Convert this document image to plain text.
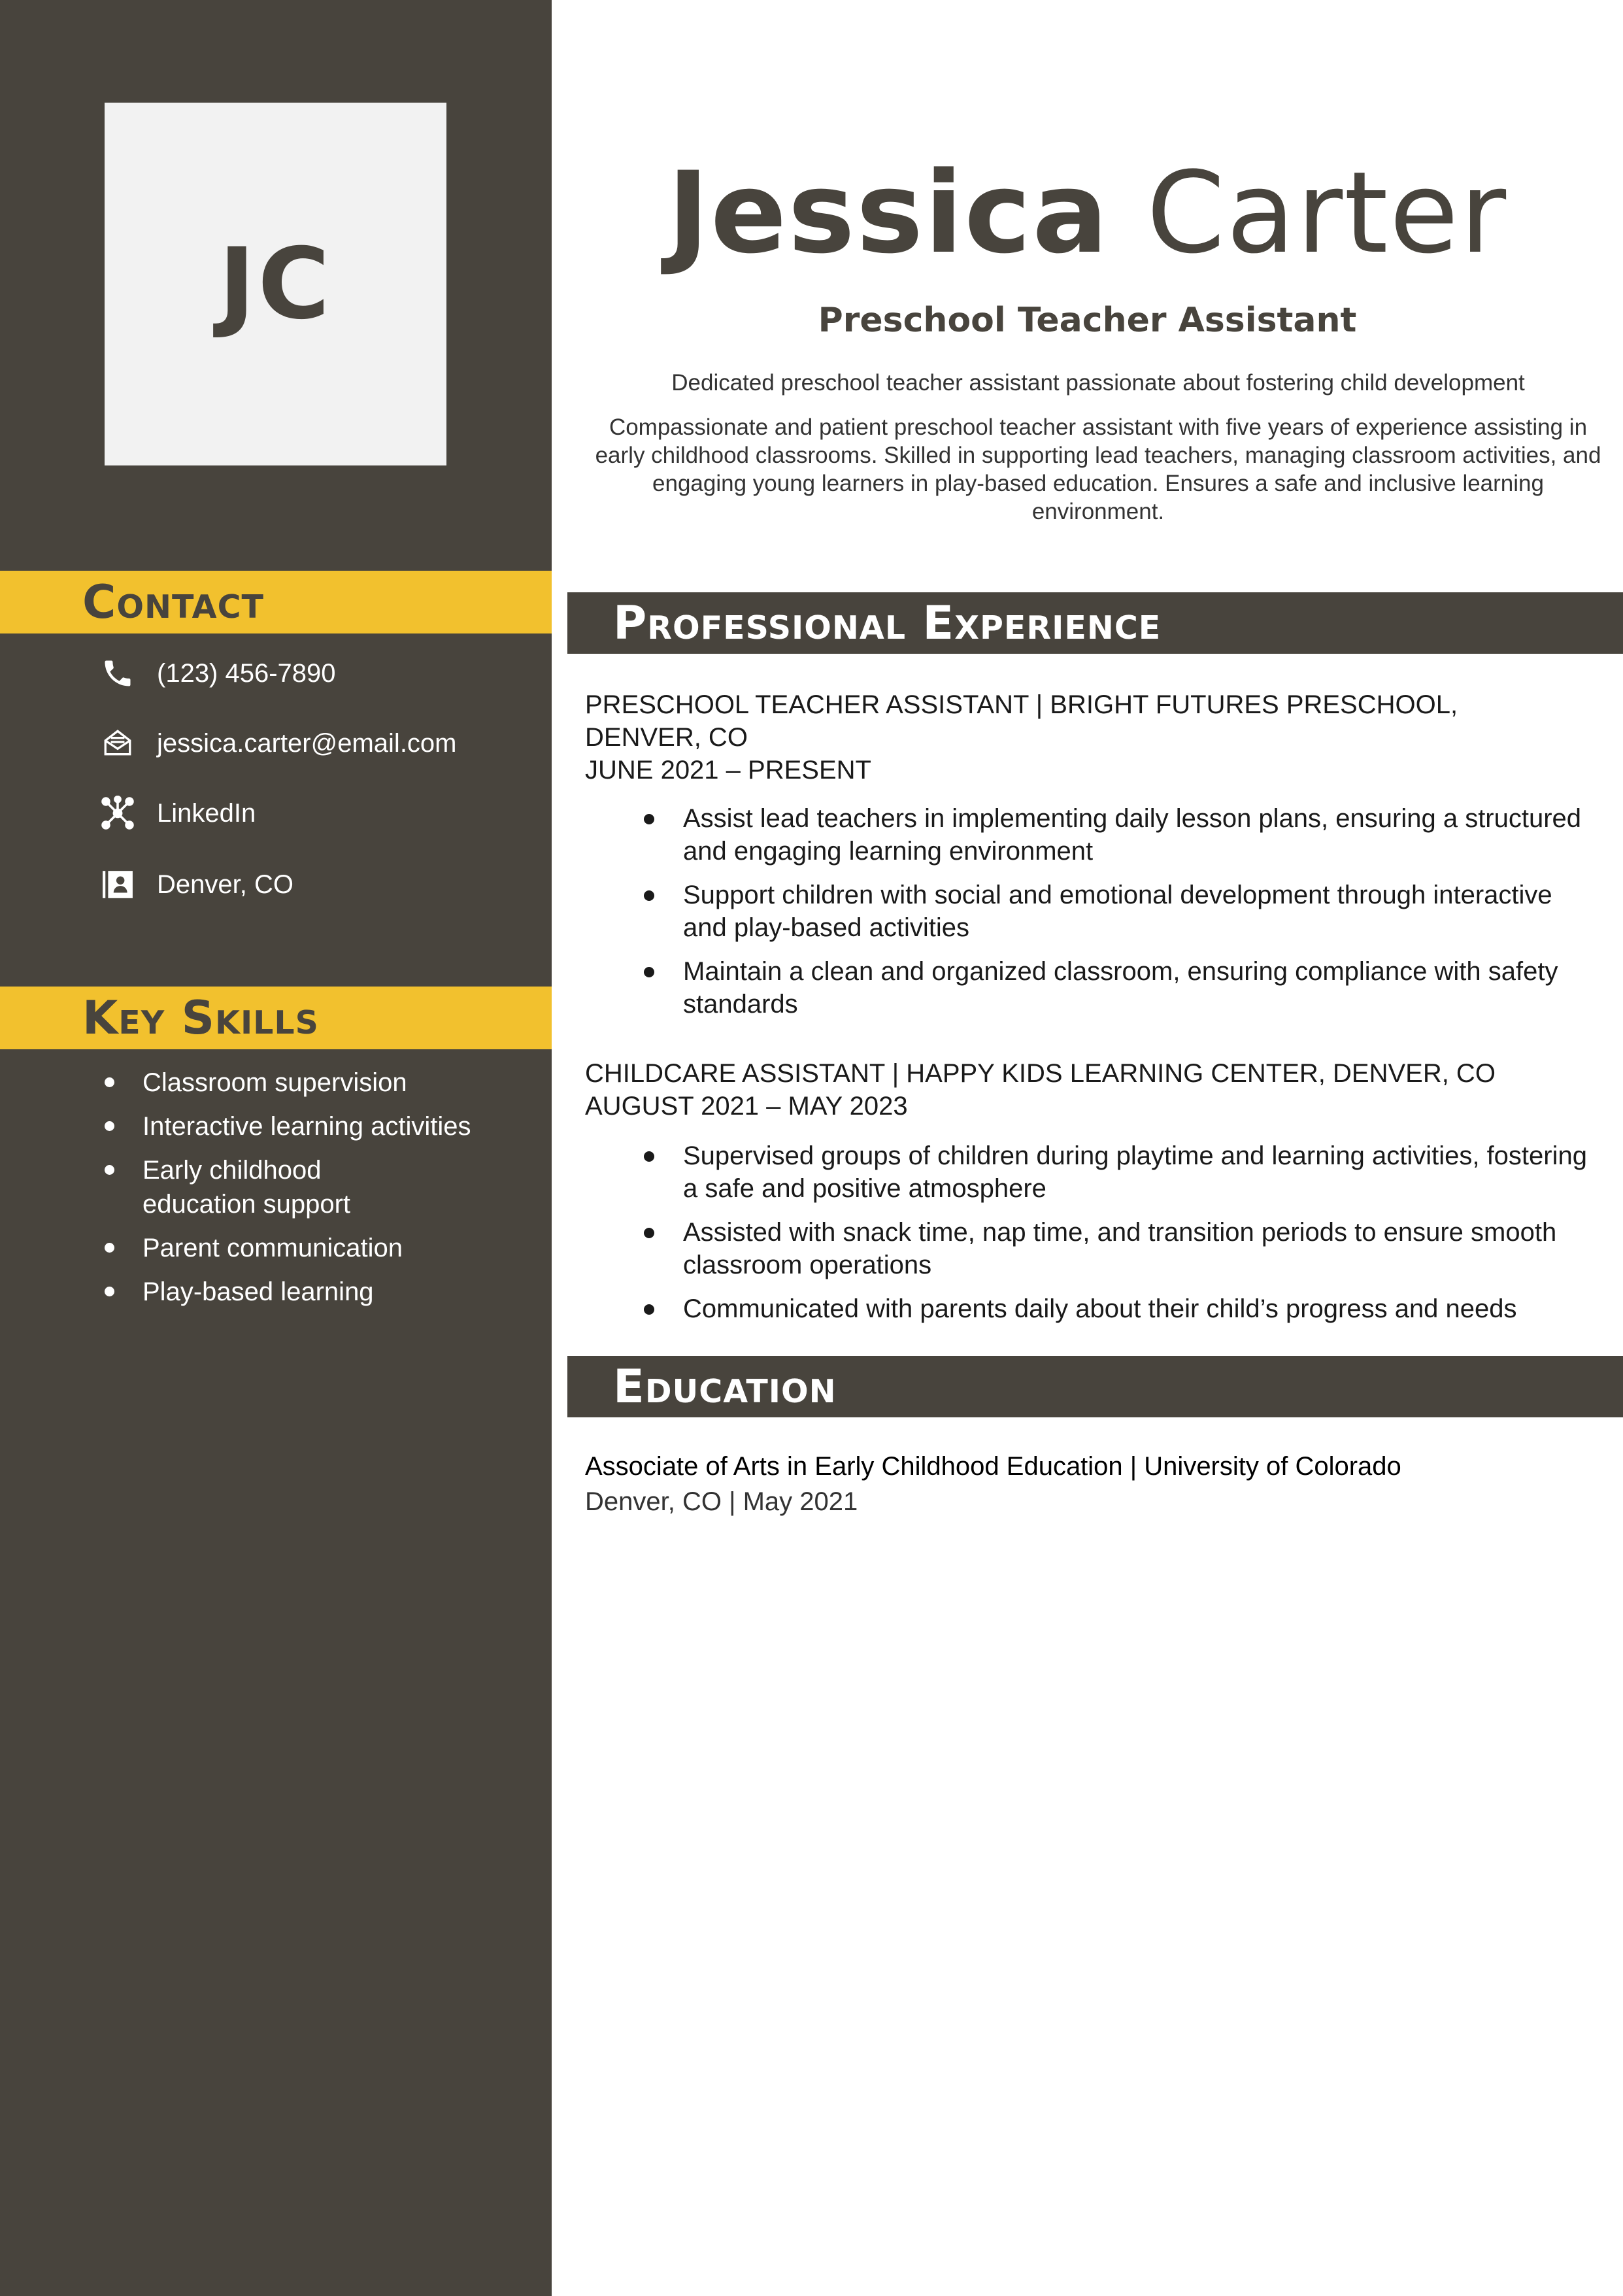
JC
Contact
(123) 456-7890
jessica.carter@email.com
LinkedIn
Denver, CO
Key Skills
Classroom supervision
Interactive learning activities
Early childhood education support
Parent communication
Play-based learning
Jessica Carter
Preschool Teacher Assistant
Dedicated preschool teacher assistant passionate about fostering child development
Compassionate and patient preschool teacher assistant with five years of experience assisting in early childhood classrooms. Skilled in supporting lead teachers, managing classroom activities, and engaging young learners in play-based education. Ensures a safe and inclusive learning environment.
Professional Experience
PRESCHOOL TEACHER ASSISTANT | BRIGHT FUTURES PRESCHOOL, DENVER, CO
JUNE 2021 – PRESENT
Assist lead teachers in implementing daily lesson plans, ensuring a structured and engaging learning environment
Support children with social and emotional development through interactive and play-based activities
Maintain a clean and organized classroom, ensuring compliance with safety standards
CHILDCARE ASSISTANT | HAPPY KIDS LEARNING CENTER, DENVER, CO
AUGUST 2021 – MAY 2023
Supervised groups of children during playtime and learning activities, fostering a safe and positive atmosphere
Assisted with snack time, nap time, and transition periods to ensure smooth classroom operations
Communicated with parents daily about their child’s progress and needs
Education
Associate of Arts in Early Childhood Education | University of Colorado
Denver, CO | May 2021
